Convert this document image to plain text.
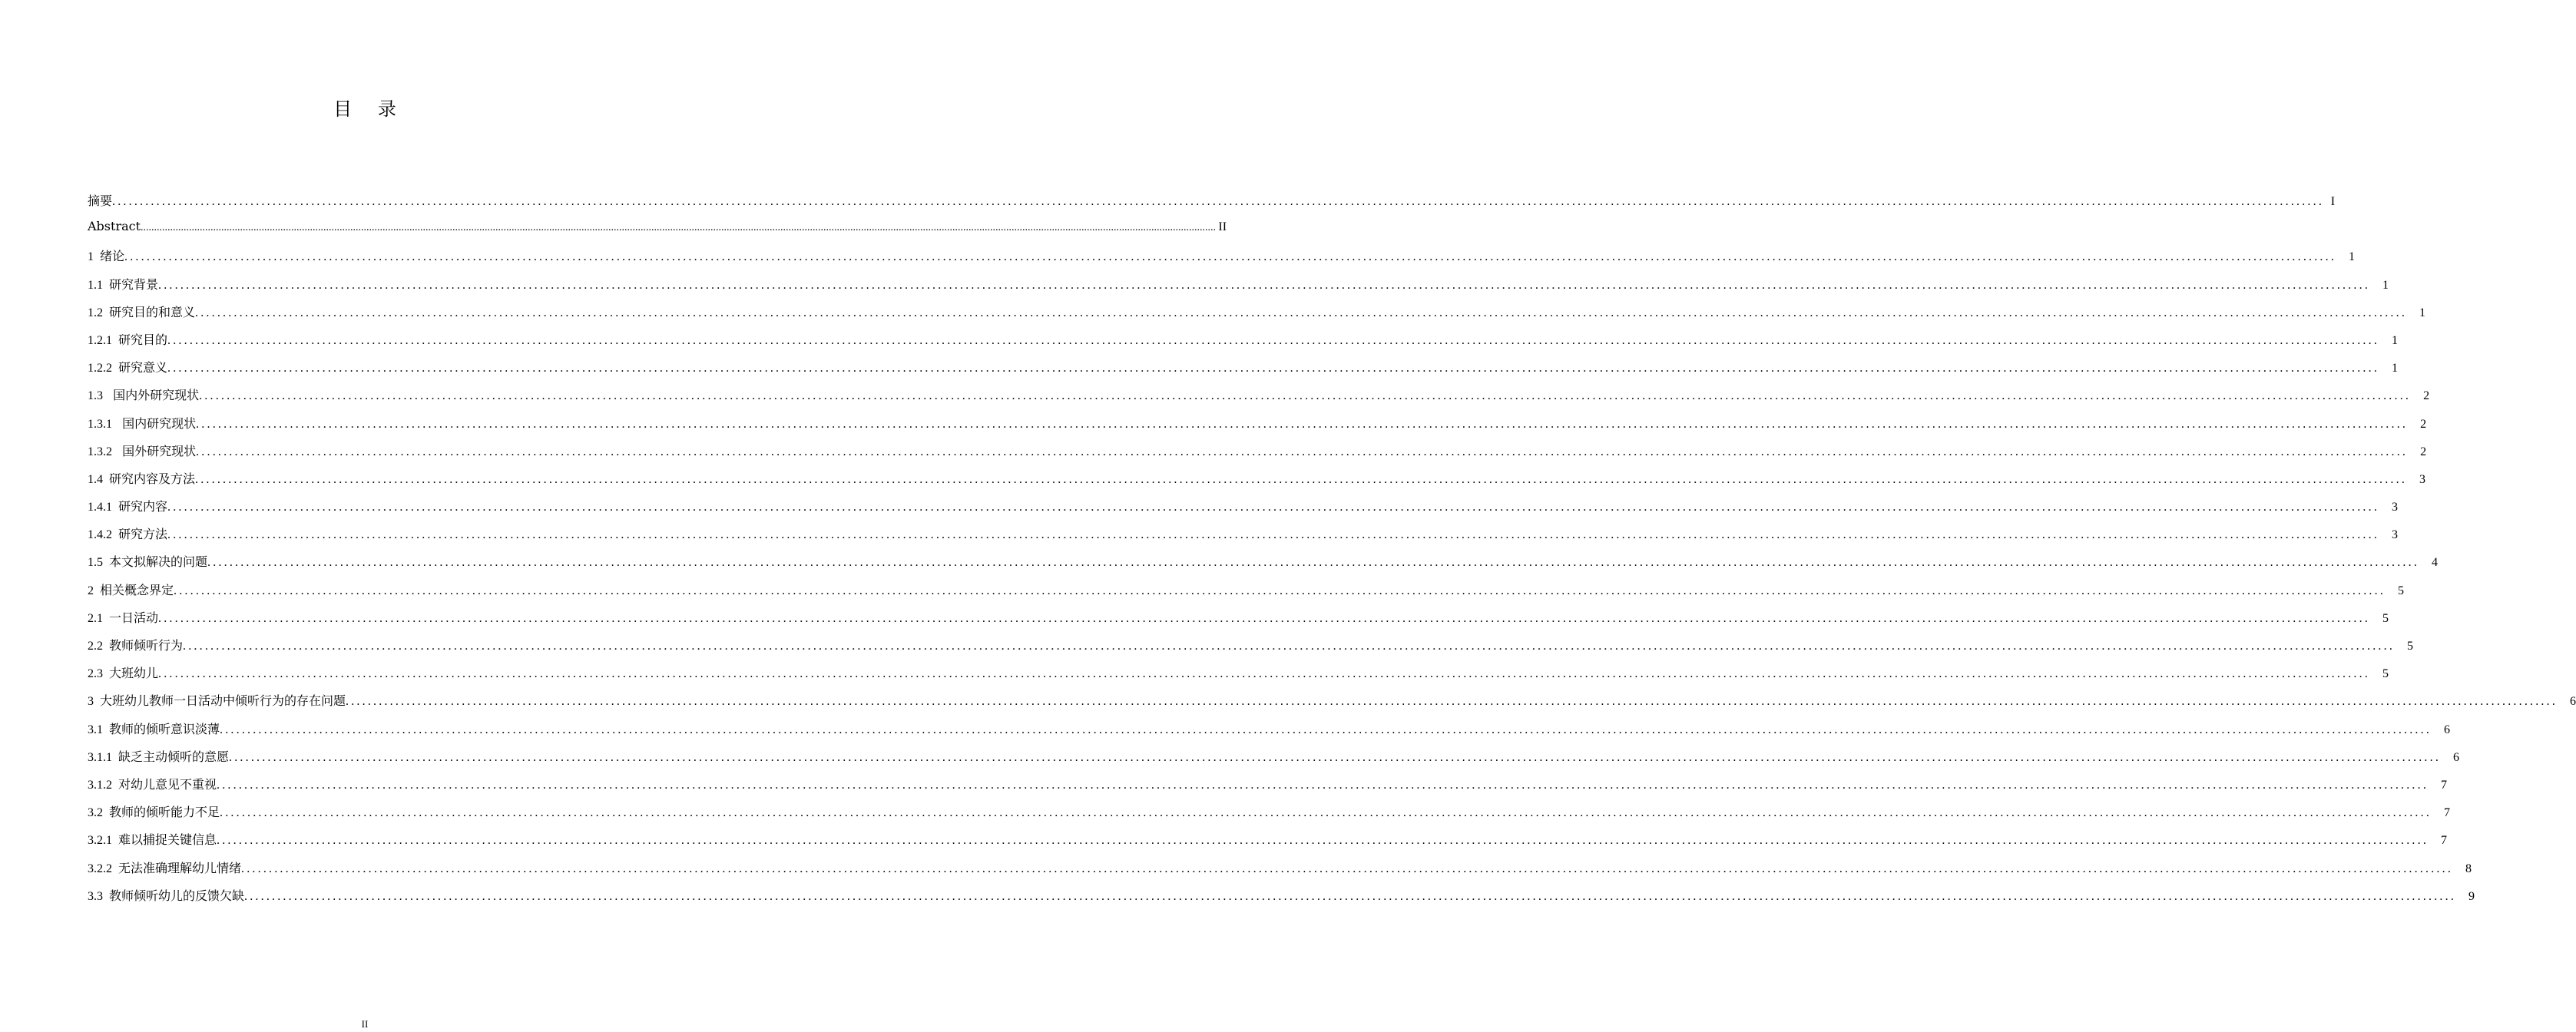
目 录
摘要 ................................................................................................................................................................................................................................................................................................................................................................................................................ I
Abstract ................................................................................................................................................................................................................................................................................................................................................................................................................ II
1 绪论 ................................................................................................................................................................................................................................................................................................................................................................................................................	1
1.1 研究背景 ................................................................................................................................................................................................................................................................................................................................................................................................................	1
1.2 研究目的和意义 ................................................................................................................................................................................................................................................................................................................................................................................................................	1
1.2.1 研究目的 ................................................................................................................................................................................................................................................................................................................................................................................................................	1
1.2.2 研究意义 ................................................................................................................................................................................................................................................................................................................................................................................................................	1
1.3 国内外研究现状 ................................................................................................................................................................................................................................................................................................................................................................................................................	2
1.3.1 国内研究现状 ................................................................................................................................................................................................................................................................................................................................................................................................................	2
1.3.2 国外研究现状 ................................................................................................................................................................................................................................................................................................................................................................................................................	2
1.4 研究内容及方法 ................................................................................................................................................................................................................................................................................................................................................................................................................	3
1.4.1 研究内容 ................................................................................................................................................................................................................................................................................................................................................................................................................	3
1.4.2 研究方法 ................................................................................................................................................................................................................................................................................................................................................................................................................	3
1.5 本文拟解决的问题 ................................................................................................................................................................................................................................................................................................................................................................................................................	4
2 相关概念界定 ................................................................................................................................................................................................................................................................................................................................................................................................................	5
2.1 一日活动 ................................................................................................................................................................................................................................................................................................................................................................................................................	5
2.2 教师倾听行为 ................................................................................................................................................................................................................................................................................................................................................................................................................	5
2.3 大班幼儿 ................................................................................................................................................................................................................................................................................................................................................................................................................	5
3 大班幼儿教师一日活动中倾听行为的存在问题 ................................................................................................................................................................................................................................................................................................................................................................................................................	6
3.1 教师的倾听意识淡薄 ................................................................................................................................................................................................................................................................................................................................................................................................................	6
3.1.1 缺乏主动倾听的意愿 ................................................................................................................................................................................................................................................................................................................................................................................................................	6
3.1.2 对幼儿意见不重视 ................................................................................................................................................................................................................................................................................................................................................................................................................	7
3.2 教师的倾听能力不足 ................................................................................................................................................................................................................................................................................................................................................................................................................	7
3.2.1 难以捕捉关键信息 ................................................................................................................................................................................................................................................................................................................................................................................................................	7
3.2.2 无法准确理解幼儿情绪 ................................................................................................................................................................................................................................................................................................................................................................................................................	8
3.3 教师倾听幼儿的反馈欠缺 ................................................................................................................................................................................................................................................................................................................................................................................................................	9
II
